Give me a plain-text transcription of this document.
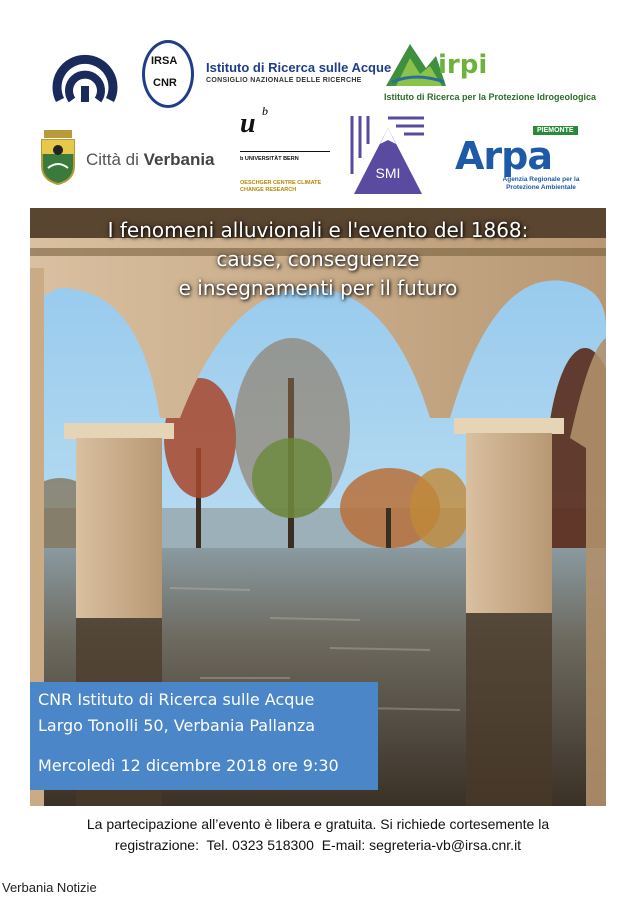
IRSA
CNR
Istituto di Ricerca sulle Acque
CONSIGLIO NAZIONALE DELLE RICERCHE
irpi
Istituto di Ricerca per la Protezione Idrogeologica
Città di Verbania
u b
b UNIVERSITÄT BERN
OESCHGER CENTRE CLIMATE CHANGE RESEARCH
SMI
PIEMONTE
Arpa
Agenzia Regionale per la Protezione Ambientale
I fenomeni alluvionali e l'evento del 1868:
cause, conseguenze
e insegnamenti per il futuro
CNR Istituto di Ricerca sulle Acque
Largo Tonolli 50, Verbania Pallanza
Mercoledì 12 dicembre 2018 ore 9:30
La partecipazione all’evento è libera e gratuita. Si richiede cortesemente la
registrazione:  Tel. 0323 518300  E-mail: segreteria-vb@irsa.cnr.it
Verbania Notizie
